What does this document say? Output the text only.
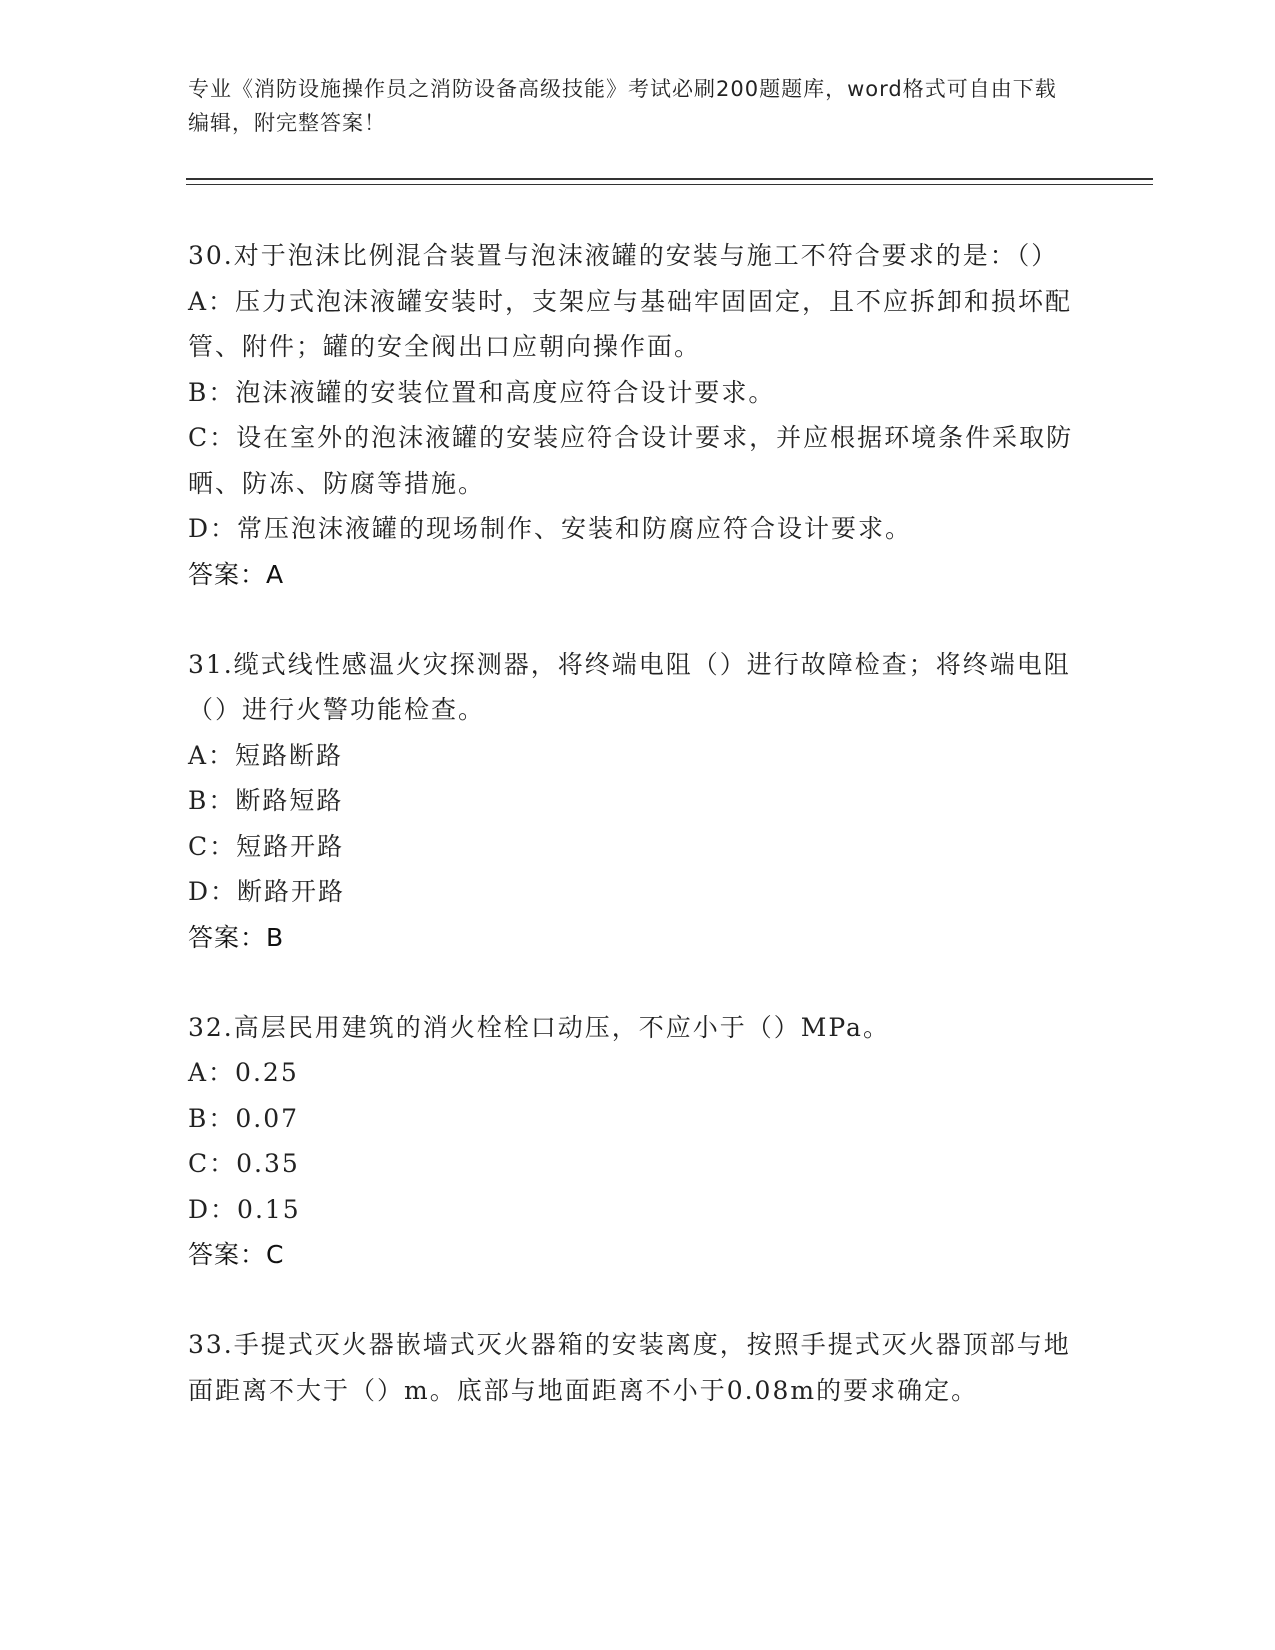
专业《消防设施操作员之消防设备高级技能》考试必刷200题题库，word格式可自由下载编辑，附完整答案！
30.对于泡沫比例混合装置与泡沫液罐的安装与施工不符合要求的是：（）
A：压力式泡沫液罐安装时，支架应与基础牢固固定，且不应拆卸和损坏配管、附件；罐的安全阀出口应朝向操作面。
B：泡沫液罐的安装位置和高度应符合设计要求。
C：设在室外的泡沫液罐的安装应符合设计要求，并应根据环境条件采取防晒、防冻、防腐等措施。
D：常压泡沫液罐的现场制作、安装和防腐应符合设计要求。
答案：A
31.缆式线性感温火灾探测器，将终端电阻（）进行故障检查；将终端电阻（）进行火警功能检查。
A：短路断路
B：断路短路
C：短路开路
D：断路开路
答案：B
32.高层民用建筑的消火栓栓口动压，不应小于（）MPa。
A：0.25
B：0.07
C：0.35
D：0.15
答案：C
33.手提式灭火器嵌墙式灭火器箱的安装离度，按照手提式灭火器顶部与地面距离不大于（）m。底部与地面距离不小于0.08m的要求确定。
